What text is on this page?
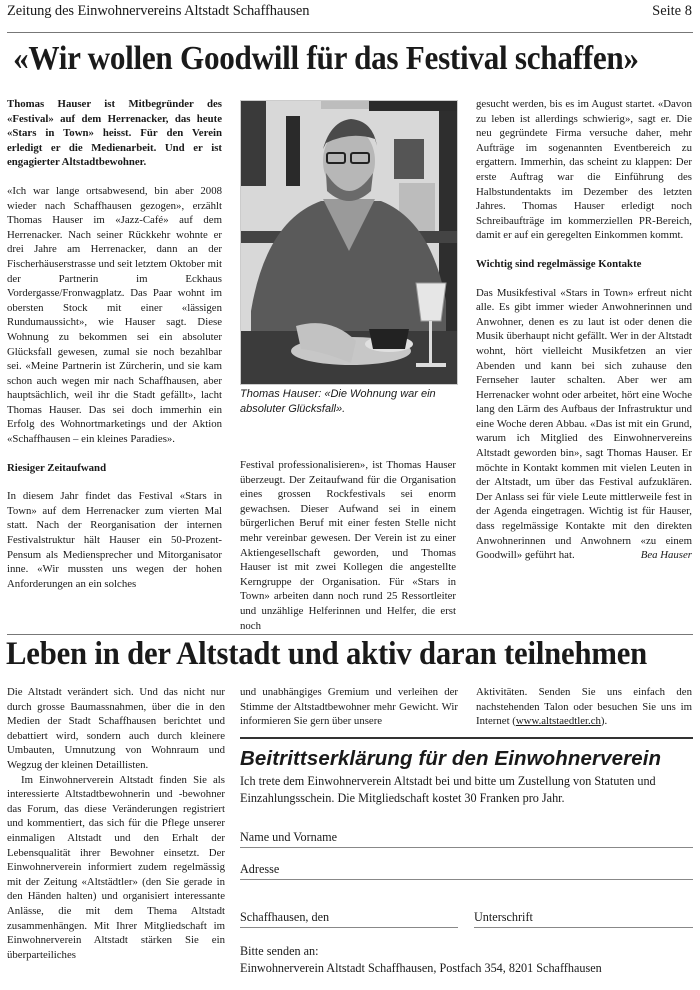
Zeitung des Einwohnervereins Altstadt Schaffhausen	Seite 8
«Wir wollen Goodwill für das Festival schaffen»

Thomas Hauser ist Mitbegründer des «Festival» auf dem Herrenacker, das heute «Stars in Town» heisst. Für den Verein erledigt er die Medienarbeit. Und er ist engagierter Altstadtbewohner.

«Ich war lange ortsabwesend, bin aber 2008 wieder nach Schaffhausen gezogen», erzählt Thomas Hauser im «Jazz-Café» auf dem Herrenacker. Nach seiner Rückkehr wohnte er drei Jahre am Herrenacker, dann an der Fischerhäuserstrasse und seit letztem Oktober mit der Partnerin im Eckhaus Vordergasse/Fronwagplatz. Das Paar wohnt im obersten Stock mit einer «lässigen Rundumaussicht», wie Hauser sagt. Diese Wohnung zu bekommen sei ein absoluter Glücksfall gewesen, zumal sie noch bezahlbar sei. «Meine Partnerin ist Zürcherin, und sie kam schon auch wegen mir nach Schaffhausen, aber hauptsächlich, weil ihr die Stadt gefällt», lacht Thomas Hauser. Das sei doch immerhin ein Erfolg des Wohnortmarketings und der Aktion «Schaffhausen – ein kleines Paradies».

Riesiger Zeitaufwand

In diesem Jahr findet das Festival «Stars in Town» auf dem Herrenacker zum vierten Mal statt. Nach der Reorganisation der internen Festivalstruktur hält Hauser ein 50-Prozent-Pensum als Mediensprecher und Mitorganisator inne. «Wir mussten uns wegen der hohen Anforderungen an ein solches

Thomas Hauser: «Die Wohnung war ein absoluter Glücksfall».

Festival professionalisieren», ist Thomas Hauser überzeugt. Der Zeitaufwand für die Organisation eines grossen Rockfestivals sei enorm gewachsen. Dieser Aufwand sei in einem bürgerlichen Beruf mit einer festen Stelle nicht mehr vereinbar gewesen. Der Verein ist zu einer Aktiengesellschaft geworden, und Thomas Hauser ist mit zwei Kollegen die angestellte Kerngruppe der Organisation. Für «Stars in Town» arbeiten dann noch rund 25 Ressortleiter und unzählige Helferinnen und Helfer, die erst noch

gesucht werden, bis es im August startet. «Davon zu leben ist allerdings schwierig», sagt er. Die neu gegründete Firma versuche daher, mehr Aufträge im sogenannten Eventbereich zu ergattern. Immerhin, das scheint zu klappen: Der erste Auftrag war die Einführung des Halbstundentakts im Dezember des letzten Jahres. Thomas Hauser erledigt noch Schreibaufträge im kommerziellen PR-Bereich, damit er auf ein geregelten Einkommen kommt.

Wichtig sind regelmässige Kontakte

Das Musikfestival «Stars in Town» erfreut nicht alle. Es gibt immer wieder Anwohnerinnen und Anwohner, denen es zu laut ist oder denen die Musik überhaupt nicht gefällt. Wer in der Altstadt wohnt, hört vielleicht Musikfetzen an vier Abenden und kann bei sich zuhause den Fernseher lauter schalten. Aber wer am Herrenacker wohnt oder arbeitet, hört eine Woche lang den Lärm des Aufbaus der Infrastruktur und eine Woche deren Abbau. «Das ist mit ein Grund, warum ich Mitglied des Einwohnervereins Altstadt geworden bin», sagt Thomas Hauser. Er möchte in Kontakt kommen mit vielen Leuten in der Altstadt, um über das Festival aufzuklären. Der Anlass sei für viele Leute mittlerweile fest in der Agenda eingetragen. Wichtig ist für Hauser, dass regelmässige Kontakte mit den direkten Anwohnerinnen und Anwohnern «zu einem Goodwill» geführt hat.	Bea Hauser

Leben in der Altstadt und aktiv daran teilnehmen

Die Altstadt verändert sich. Und das nicht nur durch grosse Baumassnahmen, über die in den Medien der Stadt Schaffhausen berichtet und debattiert wird, sondern auch durch kleinere Umbauten, Umnutzung von Wohnraum und Wegzug der kleinen Detaillisten.

Im Einwohnerverein Altstadt finden Sie als interessierte Altstadtbewohnerin und -bewohner das Forum, das diese Veränderungen registriert und kommentiert, das sich für die Pflege unserer einmaligen Altstadt und den Erhalt der Lebensqualität ihrer Bewohner einsetzt. Der Einwohnerverein informiert zudem regelmässig mit der Zeitung «Altstädtler» (den Sie gerade in den Händen halten) und organisiert interessante Anlässe, die mit dem Thema Altstadt zusammenhängen. Mit Ihrer Mitgliedschaft im Einwohnerverein Altstadt stärken Sie ein überparteiliches

und unabhängiges Gremium und verleihen der Stimme der Altstadtbewohner mehr Gewicht. Wir informieren Sie gern über unsere

Aktivitäten. Senden Sie uns einfach den nachstehenden Talon oder besuchen Sie uns im Internet (www.altstaedtler.ch).

Beitrittserklärung für den Einwohnerverein
Ich trete dem Einwohnerverein Altstadt bei und bitte um Zustellung von Statuten und Einzahlungsschein. Die Mitgliedschaft kostet 30 Franken pro Jahr.
Name und Vorname
Adresse
Schaffhausen, den	Unterschrift
Bitte senden an:
Einwohnerverein Altstadt Schaffhausen, Postfach 354, 8201 Schaffhausen
